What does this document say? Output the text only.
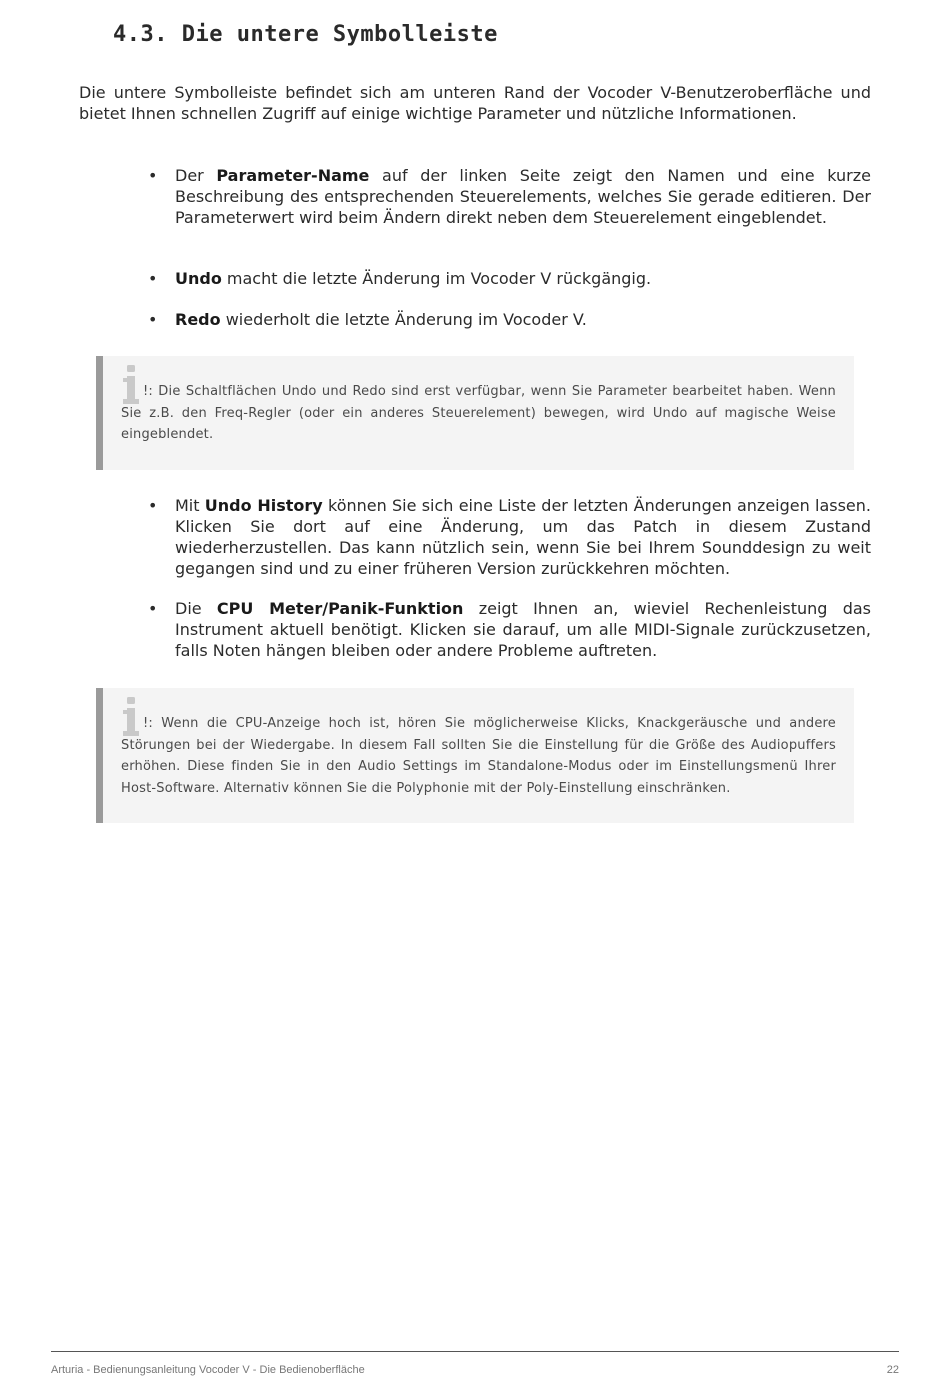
4.3. Die untere Symbolleiste

Die untere Symbolleiste befindet sich am unteren Rand der Vocoder V-Benutzeroberfläche und bietet Ihnen schnellen Zugriff auf einige wichtige Parameter und nützliche Informationen.

• Der Parameter-Name auf der linken Seite zeigt den Namen und eine kurze Beschreibung des entsprechenden Steuerelements, welches Sie gerade editieren. Der Parameterwert wird beim Ändern direkt neben dem Steuerelement eingeblendet.
• Undo macht die letzte Änderung im Vocoder V rückgängig.
• Redo wiederholt die letzte Änderung im Vocoder V.
!: Die Schaltflächen Undo und Redo sind erst verfügbar, wenn Sie Parameter bearbeitet haben. Wenn Sie z.B. den Freq-Regler (oder ein anderes Steuerelement) bewegen, wird Undo auf magische Weise eingeblendet.
• Mit Undo History können Sie sich eine Liste der letzten Änderungen anzeigen lassen. Klicken Sie dort auf eine Änderung, um das Patch in diesem Zustand wiederherzustellen. Das kann nützlich sein, wenn Sie bei Ihrem Sounddesign zu weit gegangen sind und zu einer früheren Version zurückkehren möchten.
• Die CPU Meter/Panik-Funktion zeigt Ihnen an, wieviel Rechenleistung das Instrument aktuell benötigt. Klicken sie darauf, um alle MIDI-Signale zurückzusetzen, falls Noten hängen bleiben oder andere Probleme auftreten.
!: Wenn die CPU-Anzeige hoch ist, hören Sie möglicherweise Klicks, Knackgeräusche und andere Störungen bei der Wiedergabe. In diesem Fall sollten Sie die Einstellung für die Größe des Audiopuffers erhöhen. Diese finden Sie in den Audio Settings im Standalone-Modus oder im Einstellungsmenü Ihrer Host-Software. Alternativ können Sie die Polyphonie mit der Poly-Einstellung einschränken.
Arturia - Bedienungsanleitung Vocoder V - Die Bedienoberfläche	22
